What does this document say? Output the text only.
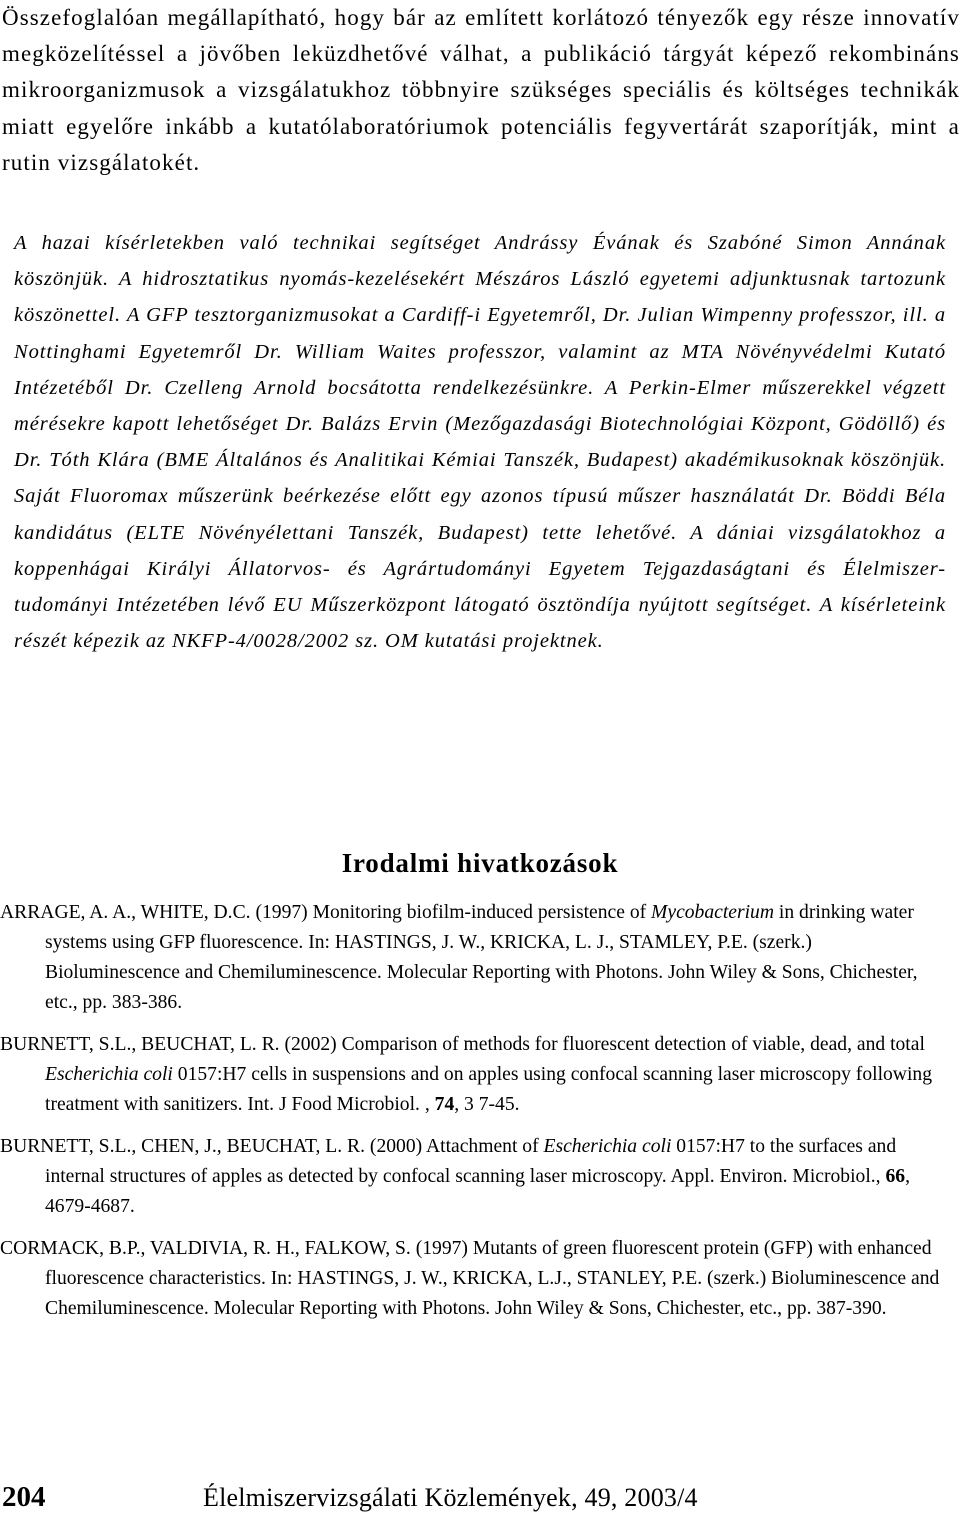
Összefoglalóan megállapítható, hogy bár az említett korlátozó tényezők egy része innovatív megközelítéssel a jövőben leküzdhetővé válhat, a publikáció tárgyát képező rekombináns mikroorganizmusok a vizsgálatukhoz többnyire szükséges speciális és költséges technikák miatt egyelőre inkább a kutatólaboratóriumok potenciális fegyvertárát szaporítják, mint a rutin vizsgálatokét.

A hazai kísérletekben való technikai segítséget Andrássy Évának és Szabóné Simon Annának köszönjük. A hidrosztatikus nyomás-kezelésekért Mészáros László egyetemi adjunktusnak tartozunk köszönettel. A GFP tesztorganizmusokat a Cardiff-i Egyetemről, Dr. Julian Wimpenny professzor, ill. a Nottinghami Egyetemről Dr. William Waites professzor, valamint az MTA Növényvédelmi Kutató Intézetéből Dr. Czelleng Arnold bocsátotta rendelkezésünkre. A Perkin-Elmer műszerekkel végzett mérésekre kapott lehetőséget Dr. Balázs Ervin (Mezőgazdasági Biotechnológiai Központ, Gödöllő) és Dr. Tóth Klára (BME Általános és Analitikai Kémiai Tanszék, Budapest) akadémikusoknak köszönjük. Saját Fluoromax műszerünk beérkezése előtt egy azonos típusú műszer használatát Dr. Böddi Béla kandidátus (ELTE Növényélettani Tanszék, Budapest) tette lehetővé. A dániai vizsgálatokhoz a koppenhágai Királyi Állatorvos- és Agrártudományi Egyetem Tejgazdaságtani és Élelmiszer-tudományi Intézetében lévő EU Műszerközpont látogató ösztöndíja nyújtott segítséget. A kísérleteink részét képezik az NKFP-4/0028/2002 sz. OM kutatási projektnek.

Irodalmi hivatkozások

ARRAGE, A. A., WHITE, D.C. (1997) Monitoring biofilm-induced persistence of Mycobacterium in drinking water systems using GFP fluorescence. In: HASTINGS, J. W., KRICKA, L. J., STAMLEY, P.E. (szerk.) Bioluminescence and Chemiluminescence. Molecular Reporting with Photons. John Wiley & Sons, Chichester, etc., pp. 383-386.

BURNETT, S.L., BEUCHAT, L. R. (2002) Comparison of methods for fluorescent detection of viable, dead, and total Escherichia coli 0157:H7 cells in suspensions and on apples using confocal scanning laser microscopy following treatment with sanitizers. Int. J Food Microbiol. , 74, 3 7-45.

BURNETT, S.L., CHEN, J., BEUCHAT, L. R. (2000) Attachment of Escherichia coli 0157:H7 to the surfaces and internal structures of apples as detected by confocal scanning laser microscopy. Appl. Environ. Microbiol., 66, 4679-4687.

CORMACK, B.P., VALDIVIA, R. H., FALKOW, S. (1997) Mutants of green fluorescent protein (GFP) with enhanced fluorescence characteristics. In: HASTINGS, J. W., KRICKA, L.J., STANLEY, P.E. (szerk.) Bioluminescence and Chemiluminescence. Molecular Reporting with Photons. John Wiley & Sons, Chichester, etc., pp. 387-390.

204	Élelmiszervizsgálati Közlemények, 49, 2003/4
